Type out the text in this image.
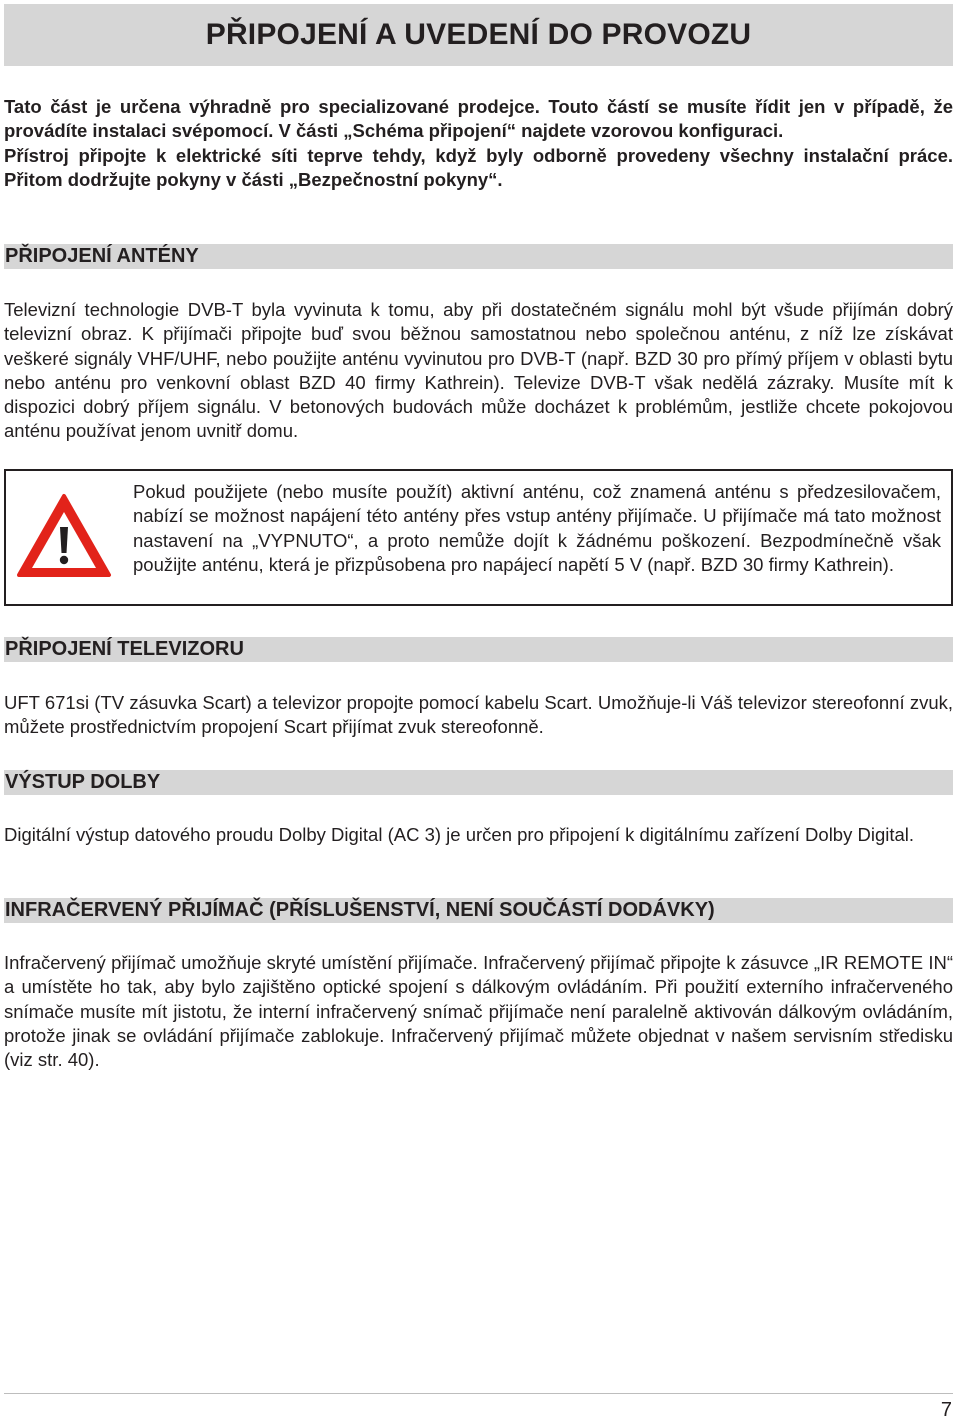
PŘIPOJENÍ A UVEDENÍ DO PROVOZU

Tato část je určena výhradně pro specializované prodejce. Touto částí se musíte řídit jen v případě, že provádíte instalaci svépomocí. V části „Schéma připojení“ najdete vzorovou konfiguraci.

Přístroj připojte k elektrické síti teprve tehdy, když byly odborně provedeny všechny instalační práce. Přitom dodržujte pokyny v části „Bezpečnostní pokyny“.

PŘIPOJENÍ ANTÉNY

Televizní technologie DVB-T byla vyvinuta k tomu, aby při dostatečném signálu mohl být všude přijímán dobrý televizní obraz. K přijímači připojte buď svou běžnou samostatnou nebo společnou anténu, z níž lze získávat veškeré signály VHF/UHF, nebo použijte anténu vyvinutou pro DVB-T (např. BZD 30 pro přímý příjem v oblasti bytu nebo anténu pro venkovní oblast BZD 40 firmy Kathrein). Televize DVB-T však nedělá zázraky. Musíte mít k dispozici dobrý příjem signálu. V betonových budovách může docházet k problémům, jestliže chcete pokojovou anténu používat jenom uvnitř domu.

Pokud použijete (nebo musíte použít) aktivní anténu, což znamená anténu s předzesilovačem, nabízí se možnost napájení této antény přes vstup antény přijímače. U přijímače má tato možnost nastavení na „VYPNUTO“, a proto nemůže dojít k žádnému poškození. Bezpodmínečně však použijte anténu, která je přizpůsobena pro napájecí napětí 5 V (např. BZD 30 firmy Kathrein).

PŘIPOJENÍ TELEVIZORU

UFT 671si (TV zásuvka Scart) a televizor propojte pomocí kabelu Scart. Umožňuje-li Váš televizor stereofonní zvuk, můžete prostřednictvím propojení Scart přijímat zvuk stereofonně.

VÝSTUP DOLBY

Digitální výstup datového proudu Dolby Digital (AC 3) je určen pro připojení k digitálnímu zařízení Dolby Digital.

INFRAČERVENÝ PŘIJÍMAČ (PŘÍSLUŠENSTVÍ, NENÍ SOUČÁSTÍ DODÁVKY)

Infračervený přijímač umožňuje skryté umístění přijímače. Infračervený přijímač připojte k zásuvce „IR REMOTE IN“ a umístěte ho tak, aby bylo zajištěno optické spojení s dálkovým ovládáním. Při použití externího infračerveného snímače musíte mít jistotu, že interní infračervený snímač přijímače není paralelně aktivován dálkovým ovládáním, protože jinak se ovládání přijímače zablokuje. Infračervený přijímač můžete objednat v našem servisním středisku (viz str. 40).

7
